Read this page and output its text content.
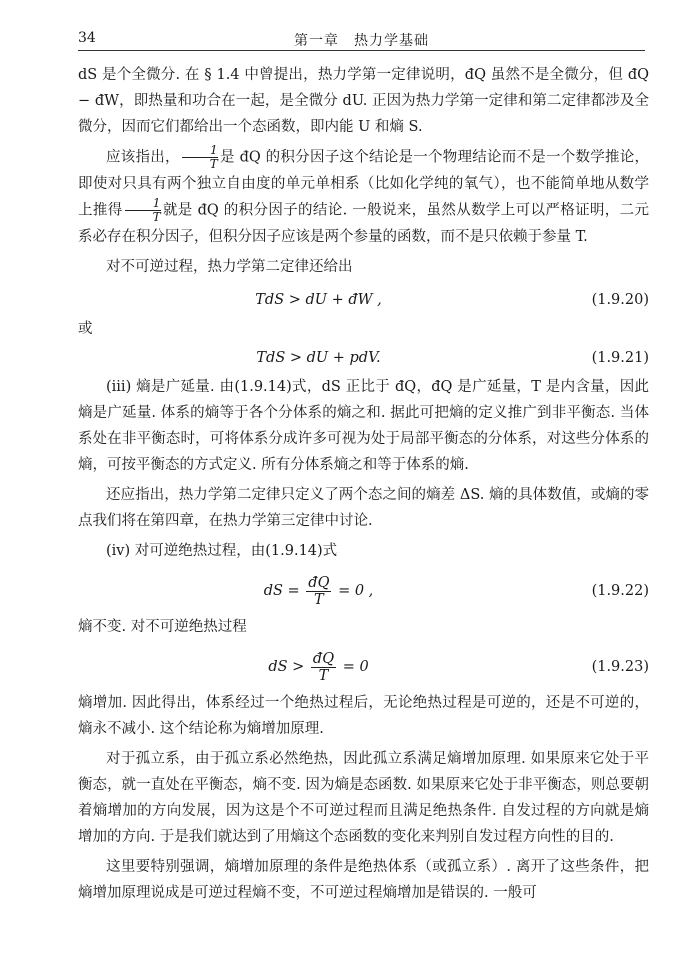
34	第一章　热力学基础

dS 是个全微分. 在 § 1.4 中曾提出，热力学第一定律说明，đQ 虽然不是全微分，但 đQ − đW，即热量和功合在一起，是全微分 dU. 正因为热力学第一定律和第二定律都涉及全微分，因而它们都给出一个态函数，即内能 U 和熵 S.

应该指出， $\frac{1}{T}$ 是 đQ 的积分因子这个结论是一个物理结论而不是一个数学推论，即使对只具有两个独立自由度的单元单相系（比如化学纯的氧气），也不能简单地从数学上推得 $\frac{1}{T}$ 就是 đQ 的积分因子的结论. 一般说来，虽然从数学上可以严格证明，二元系必存在积分因子，但积分因子应该是两个参量的函数，而不是只依赖于参量 T.

对不可逆过程，热力学第二定律还给出

TdS > dU + đW ,	(1.9.20)

或

TdS > dU + pdV.	(1.9.21)

(iii) 熵是广延量. 由(1.9.14)式，dS 正比于 đQ，đQ 是广延量，T 是内含量，因此熵是广延量. 体系的熵等于各个分体系的熵之和. 据此可把熵的定义推广到非平衡态. 当体系处在非平衡态时，可将体系分成许多可视为处于局部平衡态的分体系，对这些分体系的熵，可按平衡态的方式定义. 所有分体系熵之和等于体系的熵.

还应指出，热力学第二定律只定义了两个态之间的熵差 ΔS. 熵的具体数值，或熵的零点我们将在第四章，在热力学第三定律中讨论.

(iv) 对可逆绝热过程，由(1.9.14)式

dS = $\frac{đQ}{T} = 0$ ,	(1.9.22)

熵不变. 对不可逆绝热过程

dS > $\frac{đQ}{T} = 0$	(1.9.23)

熵增加. 因此得出，体系经过一个绝热过程后，无论绝热过程是可逆的，还是不可逆的，熵永不减小. 这个结论称为熵增加原理.

对于孤立系，由于孤立系必然绝热，因此孤立系满足熵增加原理. 如果原来它处于平衡态，就一直处在平衡态，熵不变. 因为熵是态函数. 如果原来它处于非平衡态，则总要朝着熵增加的方向发展，因为这是个不可逆过程而且满足绝热条件. 自发过程的方向就是熵增加的方向. 于是我们就达到了用熵这个态函数的变化来判别自发过程方向性的目的.

这里要特别强调，熵增加原理的条件是绝热体系（或孤立系）. 离开了这些条件，把熵增加原理说成是可逆过程熵不变，不可逆过程熵增加是错误的. 一般可
